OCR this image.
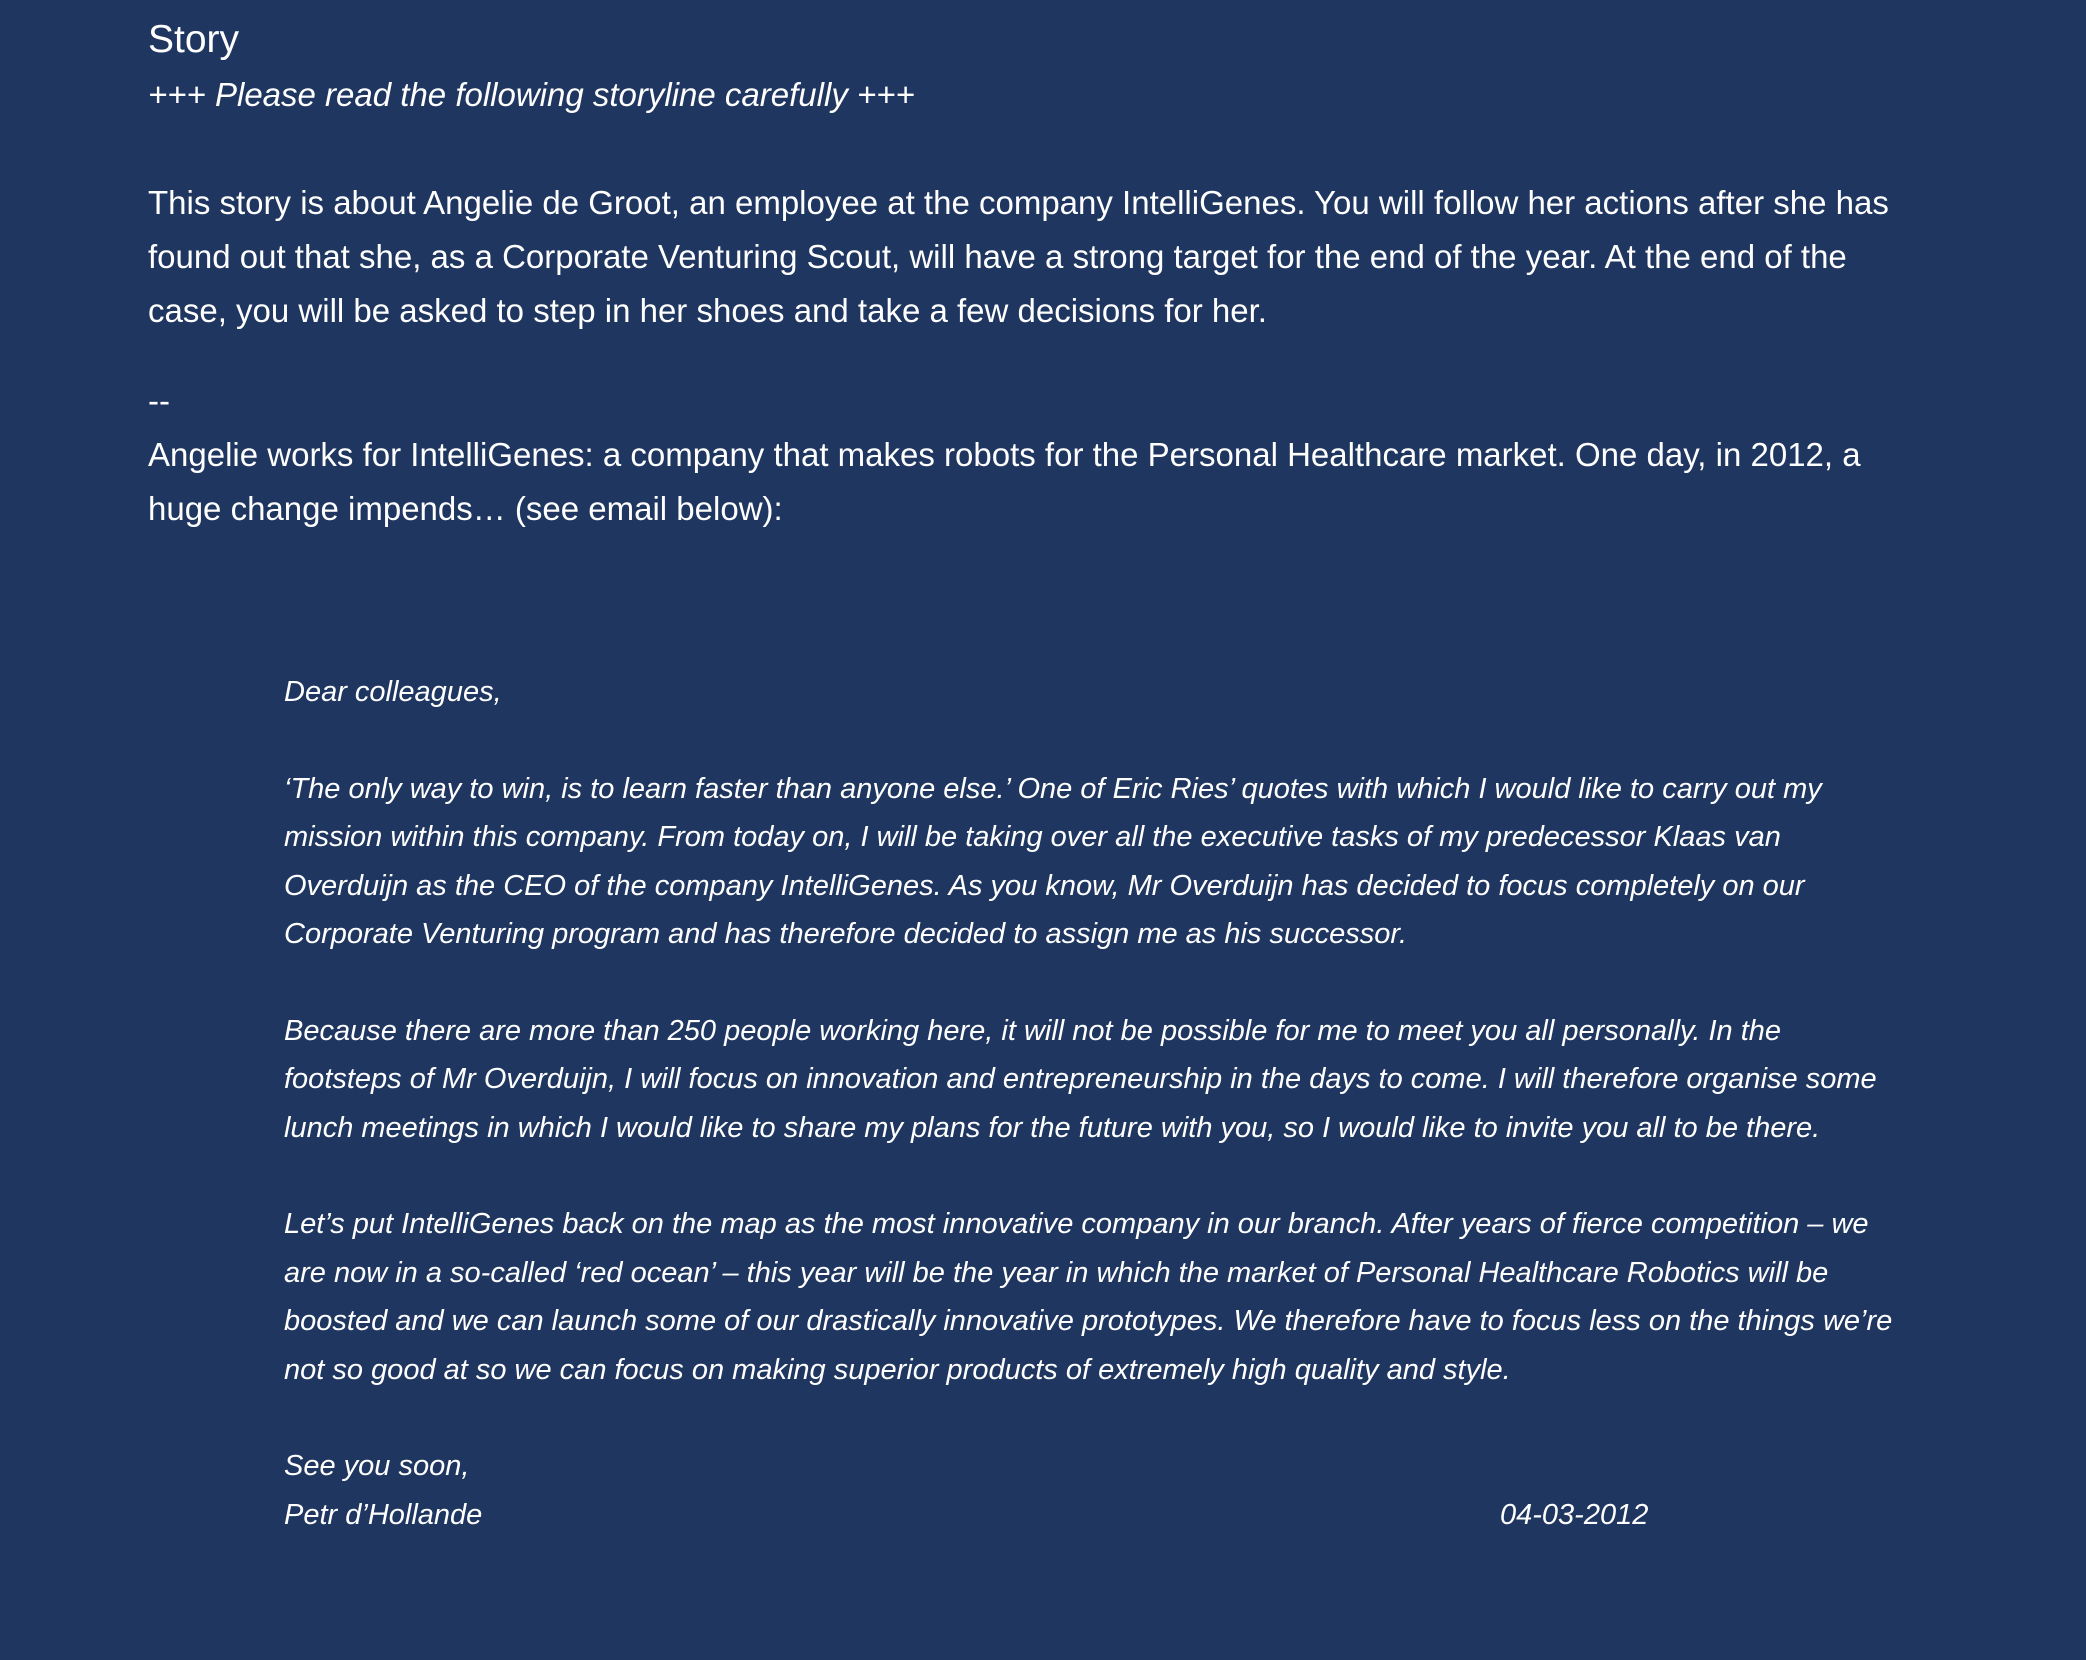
Story

+++ Please read the following storyline carefully +++

This story is about Angelie de Groot, an employee at the company IntelliGenes. You will follow her actions after she has found out that she, as a Corporate Venturing Scout, will have a strong target for the end of the year. At the end of the case, you will be asked to step in her shoes and take a few decisions for her.

--

Angelie works for IntelliGenes: a company that makes robots for the Personal Healthcare market. One day, in 2012, a huge change impends… (see email below):

Dear colleagues,

‘The only way to win, is to learn faster than anyone else.’ One of Eric Ries’ quotes with which I would like to carry out my mission within this company. From today on, I will be taking over all the executive tasks of my predecessor Klaas van Overduijn as the CEO of the company IntelliGenes. As you know, Mr Overduijn has decided to focus completely on our Corporate Venturing program and has therefore decided to assign me as his successor.

Because there are more than 250 people working here, it will not be possible for me to meet you all personally. In the footsteps of Mr Overduijn, I will focus on innovation and entrepreneurship in the days to come. I will therefore organise some lunch meetings in which I would like to share my plans for the future with you, so I would like to invite you all to be there.

Let’s put IntelliGenes back on the map as the most innovative company in our branch. After years of fierce competition – we are now in a so-called ‘red ocean’ – this year will be the year in which the market of Personal Healthcare Robotics will be boosted and we can launch some of our drastically innovative prototypes. We therefore have to focus less on the things we’re not so good at so we can focus on making superior products of extremely high quality and style.

See you soon,

Petr d’Hollande	04-03-2012
